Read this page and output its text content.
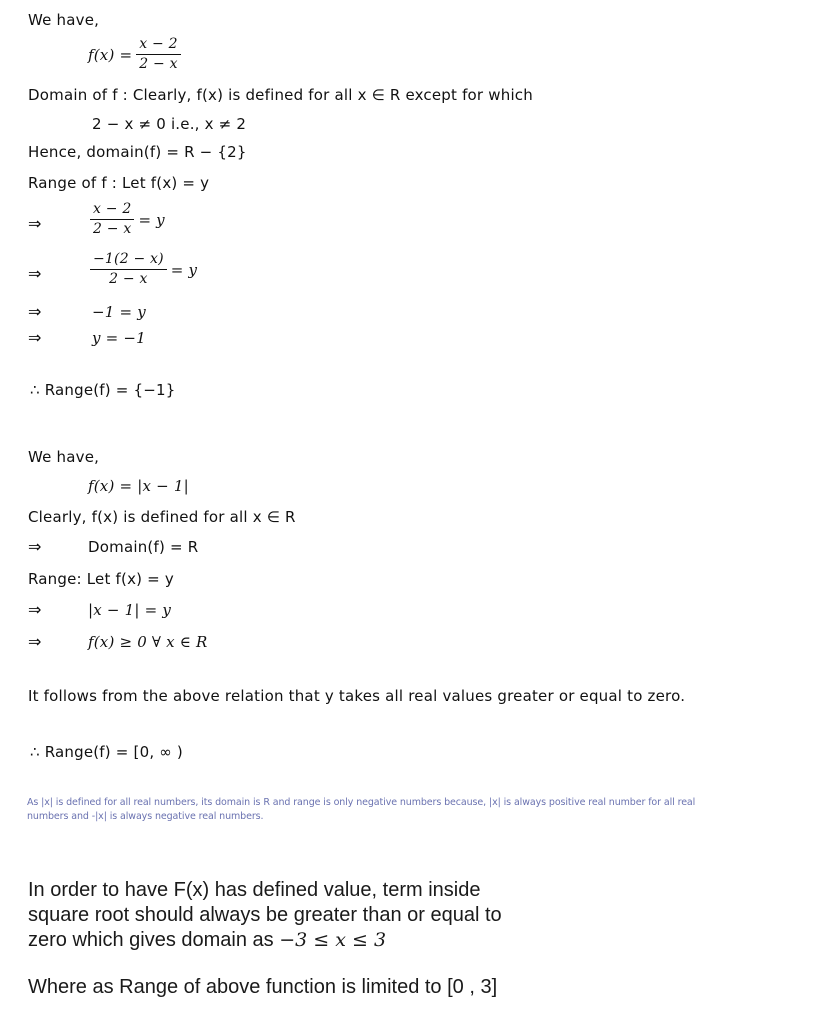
We have,
$f(x) = \frac{x - 2}{2 - x}$
Domain of f : Clearly, f(x) is defined for all x ∈ R except for which
2 − x ≠ 0 i.e., x ≠ 2
Hence, domain(f) = R − {2}
Range of f : Let f(x) = y
⇒	$\frac{x - 2}{2 - x} = y$
⇒	$\frac{-1(2 - x)}{2 - x} = y$
⇒	−1 = y
⇒	y = −1
∴ Range(f) = {−1}
We have,
f(x) = |x − 1|
Clearly, f(x) is defined for all x ∈ R
⇒	Domain(f) = R
Range: Let f(x) = y
⇒	|x − 1| = y
⇒	f(x) ≥ 0 ∀ x ∈ R
It follows from the above relation that y takes all real values greater or equal to zero.
∴ Range(f) = [0, ∞ )
As |x| is defined for all real numbers, its domain is R and range is only negative numbers because, |x| is always positive real number for all real
numbers and -|x| is always negative real numbers.
In order to have F(x) has defined value, term inside
square root should always be greater than or equal to
zero which gives domain as −3 ≤ x ≤ 3
Where as Range of above function is limited to [0 , 3]
